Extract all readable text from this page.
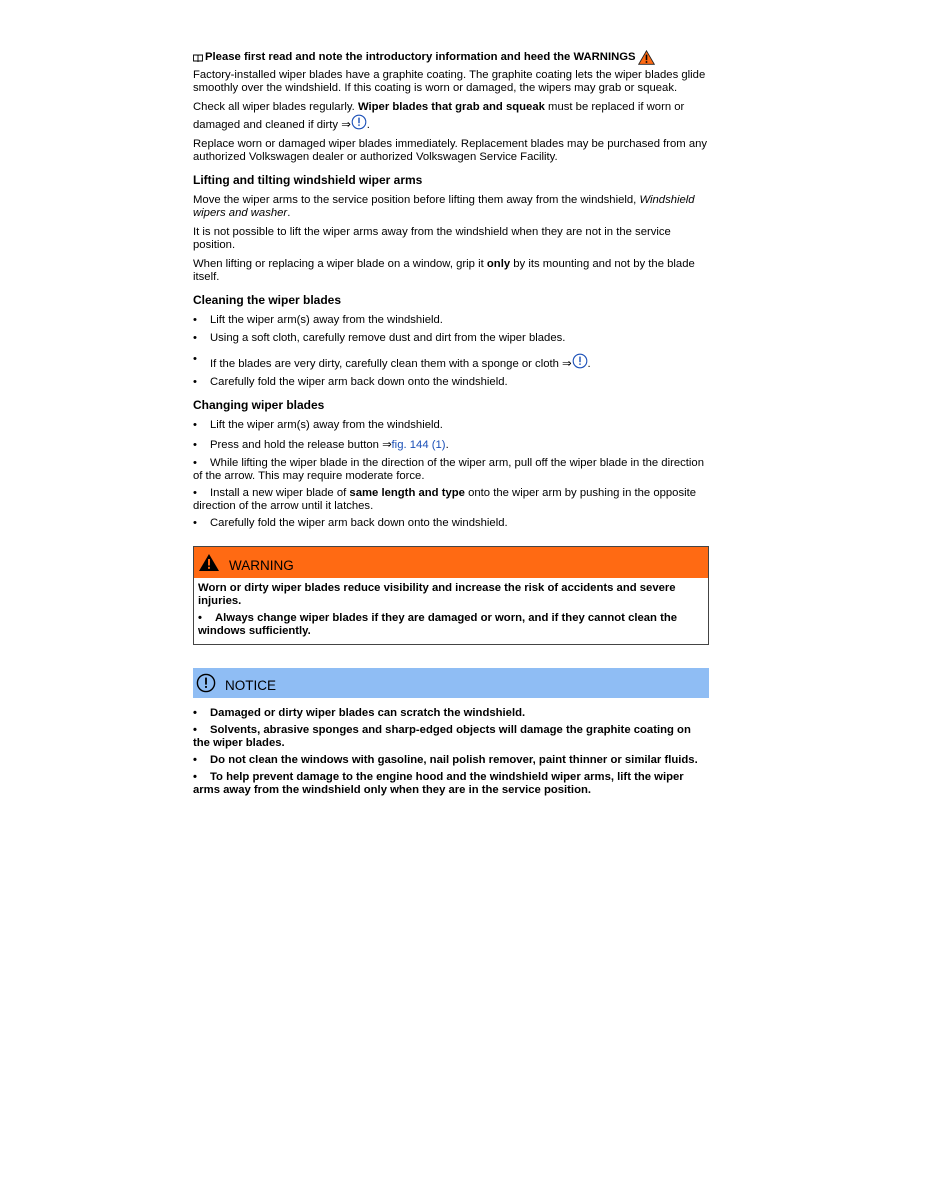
Please first read and note the introductory information and heed the WARNINGS

Factory-installed wiper blades have a graphite coating. The graphite coating lets the wiper blades glide smoothly over the windshield. If this coating is worn or damaged, the wipers may grab or squeak.

Check all wiper blades regularly. Wiper blades that grab and squeak must be replaced if worn or damaged and cleaned if dirty ⇒ .

Replace worn or damaged wiper blades immediately. Replacement blades may be purchased from any authorized Volkswagen dealer or authorized Volkswagen Service Facility.

Lifting and tilting windshield wiper arms

Move the wiper arms to the service position before lifting them away from the windshield, Windshield wipers and washer.

It is not possible to lift the wiper arms away from the windshield when they are not in the service position.

When lifting or replacing a wiper blade on a window, grip it only by its mounting and not by the blade itself.

Cleaning the wiper blades

•	Lift the wiper arm(s) away from the windshield.
•	Using a soft cloth, carefully remove dust and dirt from the wiper blades.
•	If the blades are very dirty, carefully clean them with a sponge or cloth ⇒ .
•	Carefully fold the wiper arm back down onto the windshield.

Changing wiper blades

•	Lift the wiper arm(s) away from the windshield.
•	Press and hold the release button ⇒fig. 144 (1).

• While lifting the wiper blade in the direction of the wiper arm, pull off the wiper blade in the direction of the arrow. This may require moderate force.

• Install a new wiper blade of same length and type onto the wiper arm by pushing in the opposite direction of the arrow until it latches.

•	Carefully fold the wiper arm back down onto the windshield.
WARNING

Worn or dirty wiper blades reduce visibility and increase the risk of accidents and severe injuries.

• Always change wiper blades if they are damaged or worn, and if they cannot clean the windows sufficiently.

NOTICE

• Damaged or dirty wiper blades can scratch the windshield.

• Solvents, abrasive sponges and sharp-edged objects will damage the graphite coating on the wiper blades.

• Do not clean the windows with gasoline, nail polish remover, paint thinner or similar fluids.

• To help prevent damage to the engine hood and the windshield wiper arms, lift the wiper arms away from the windshield only when they are in the service position.
